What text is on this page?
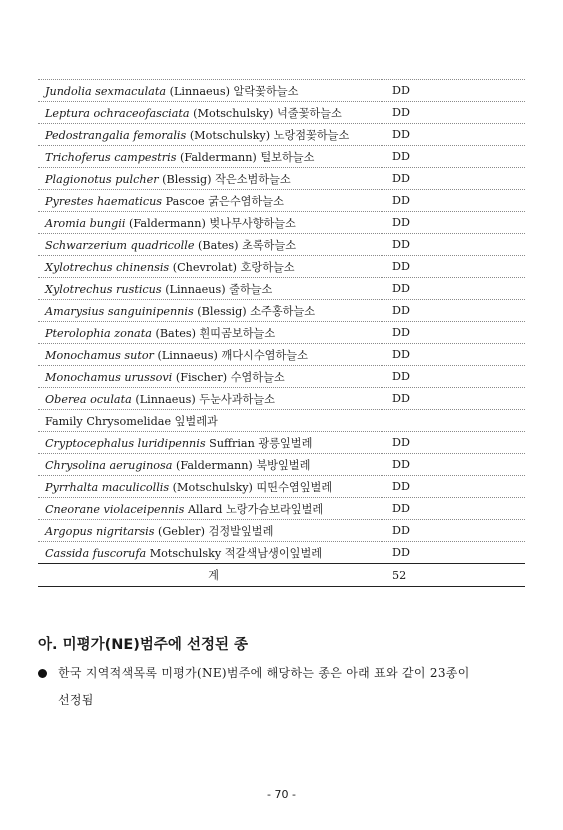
Jundolia sexmaculata (Linnaeus) 알락꽃하늘소	DD
Leptura ochraceofasciata (Motschulsky) 넉줄꽃하늘소	DD
Pedostrangalia femoralis (Motschulsky) 노랑점꽃하늘소	DD
Trichoferus campestris (Faldermann) 털보하늘소	DD
Plagionotus pulcher (Blessig) 작은소범하늘소	DD
Pyrestes haematicus Pascoe 굵은수염하늘소	DD
Aromia bungii (Faldermann) 벚나무사향하늘소	DD
Schwarzerium quadricolle (Bates) 초록하늘소	DD
Xylotrechus chinensis (Chevrolat) 호랑하늘소	DD
Xylotrechus rusticus (Linnaeus) 줄하늘소	DD
Amarysius sanguinipennis (Blessig) 소주홍하늘소	DD
Pterolophia zonata (Bates) 흰띠곰보하늘소	DD
Monochamus sutor (Linnaeus) 깨다시수염하늘소	DD
Monochamus urussovi (Fischer) 수염하늘소	DD
Oberea oculata (Linnaeus) 두눈사과하늘소	DD
Family Chrysomelidae 잎벌레과	
Cryptocephalus luridipennis Suffrian 광릉잎벌레	DD
Chrysolina aeruginosa (Faldermann) 북방잎벌레	DD
Pyrrhalta maculicollis (Motschulsky) 띠띤수염잎벌레	DD
Cneorane violaceipennis Allard 노랑가슴보라잎벌레	DD
Argopus nigritarsis (Gebler) 검정발잎벌레	DD
Cassida fuscorufa Motschulsky 적갈색남생이잎벌레	DD
계	52
아. 미평가(NE)범주에 선정된 종
한국 지역적색목록 미평가(NE)범주에 해당하는 종은 아래 표와 같이 23종이
선정됨
- 70 -
